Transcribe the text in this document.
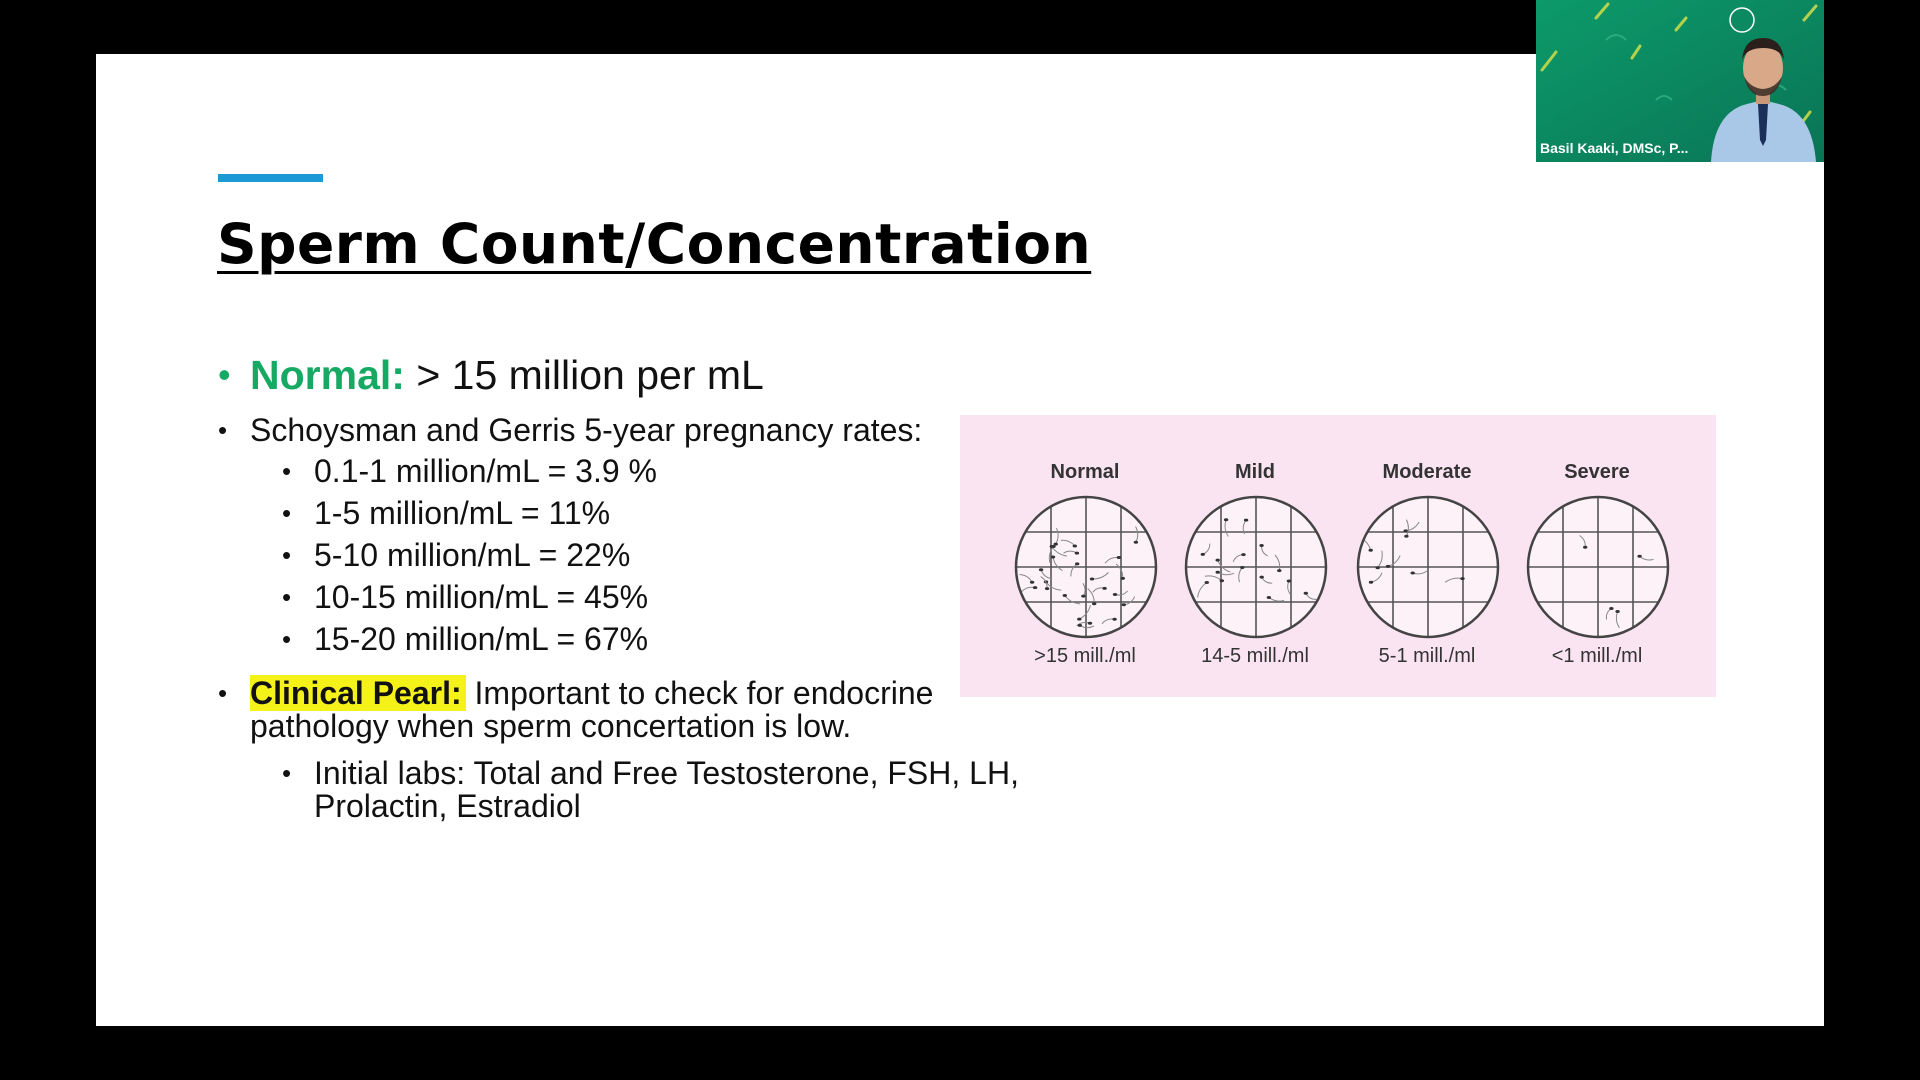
Sperm Count/Concentration
• Normal: > 15 million per mL
• Schoysman and Gerris 5-year pregnancy rates:
• 0.1-1 million/mL = 3.9 %
• 1-5 million/mL = 11%
• 5-10 million/mL = 22%
• 10-15 million/mL = 45%
• 15-20 million/mL = 67%
• Clinical Pearl: Important to check for endocrine pathology when sperm concertation is low.
• Initial labs: Total and Free Testosterone, FSH, LH, Prolactin, Estradiol
Normal
>15 mill./ml
Mild
14-5 mill./ml
Moderate
5-1 mill./ml
Severe
<1 mill./ml
Basil Kaaki, DMSc, P...
